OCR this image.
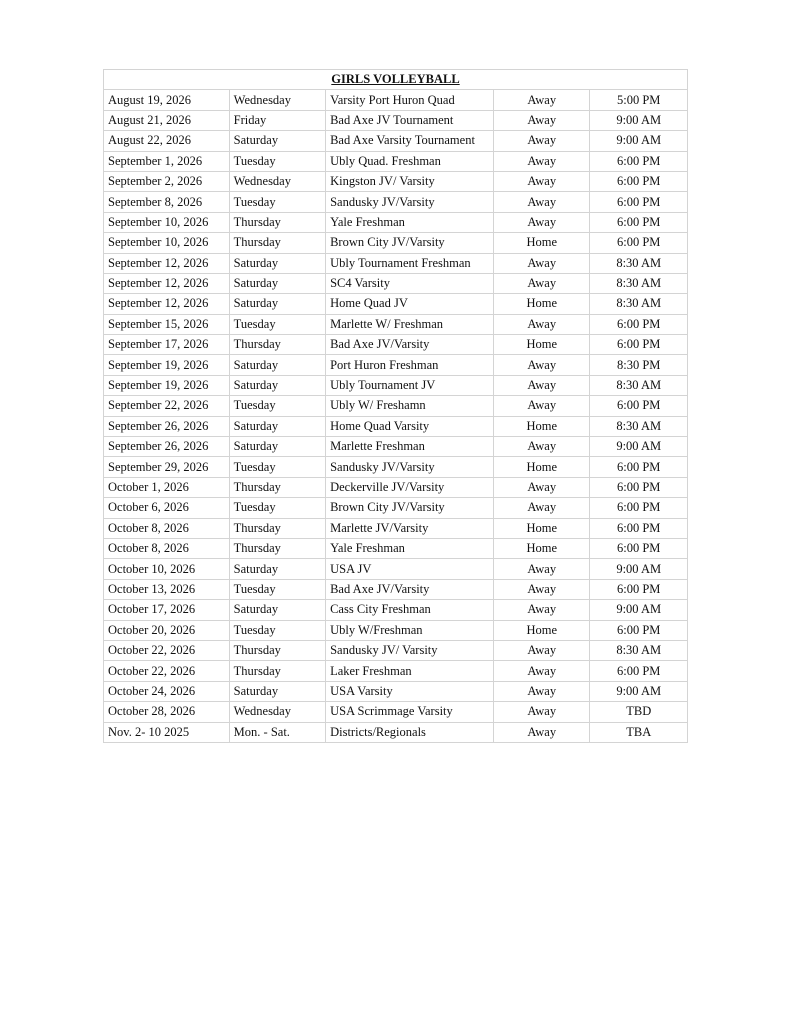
GIRLS VOLLEYBALL				
August 19, 2026	Wednesday	Varsity Port Huron Quad	Away	5:00 PM
August 21, 2026	Friday	Bad Axe JV Tournament	Away	9:00 AM
August 22, 2026	Saturday	Bad Axe Varsity Tournament	Away	9:00 AM
September 1, 2026	Tuesday	Ubly Quad. Freshman	Away	6:00 PM
September 2, 2026	Wednesday	Kingston JV/ Varsity	Away	6:00 PM
September 8, 2026	Tuesday	Sandusky JV/Varsity	Away	6:00 PM
September 10, 2026	Thursday	Yale Freshman	Away	6:00 PM
September 10, 2026	Thursday	Brown City JV/Varsity	Home	6:00 PM
September 12, 2026	Saturday	Ubly Tournament Freshman	Away	8:30 AM
September 12, 2026	Saturday	SC4 Varsity	Away	8:30 AM
September 12, 2026	Saturday	Home Quad JV	Home	8:30 AM
September 15, 2026	Tuesday	Marlette W/ Freshman	Away	6:00 PM
September 17, 2026	Thursday	Bad Axe JV/Varsity	Home	6:00 PM
September 19, 2026	Saturday	Port Huron Freshman	Away	8:30 PM
September 19, 2026	Saturday	Ubly Tournament JV	Away	8:30 AM
September 22, 2026	Tuesday	Ubly W/ Freshamn	Away	6:00 PM
September 26, 2026	Saturday	Home Quad Varsity	Home	8:30 AM
September 26, 2026	Saturday	Marlette Freshman	Away	9:00 AM
September 29, 2026	Tuesday	Sandusky JV/Varsity	Home	6:00 PM
October 1, 2026	Thursday	Deckerville JV/Varsity	Away	6:00 PM
October 6, 2026	Tuesday	Brown City JV/Varsity	Away	6:00 PM
October 8, 2026	Thursday	Marlette JV/Varsity	Home	6:00 PM
October 8, 2026	Thursday	Yale Freshman	Home	6:00 PM
October 10, 2026	Saturday	USA JV	Away	9:00 AM
October 13, 2026	Tuesday	Bad Axe JV/Varsity	Away	6:00 PM
October 17, 2026	Saturday	Cass City Freshman	Away	9:00 AM
October 20, 2026	Tuesday	Ubly W/Freshman	Home	6:00 PM
October 22, 2026	Thursday	Sandusky JV/ Varsity	Away	8:30 AM
October 22, 2026	Thursday	Laker Freshman	Away	6:00 PM
October 24, 2026	Saturday	USA Varsity	Away	9:00 AM
October 28, 2026	Wednesday	USA Scrimmage Varsity	Away	TBD
Nov. 2- 10 2025	Mon. - Sat.	Districts/Regionals	Away	TBA
